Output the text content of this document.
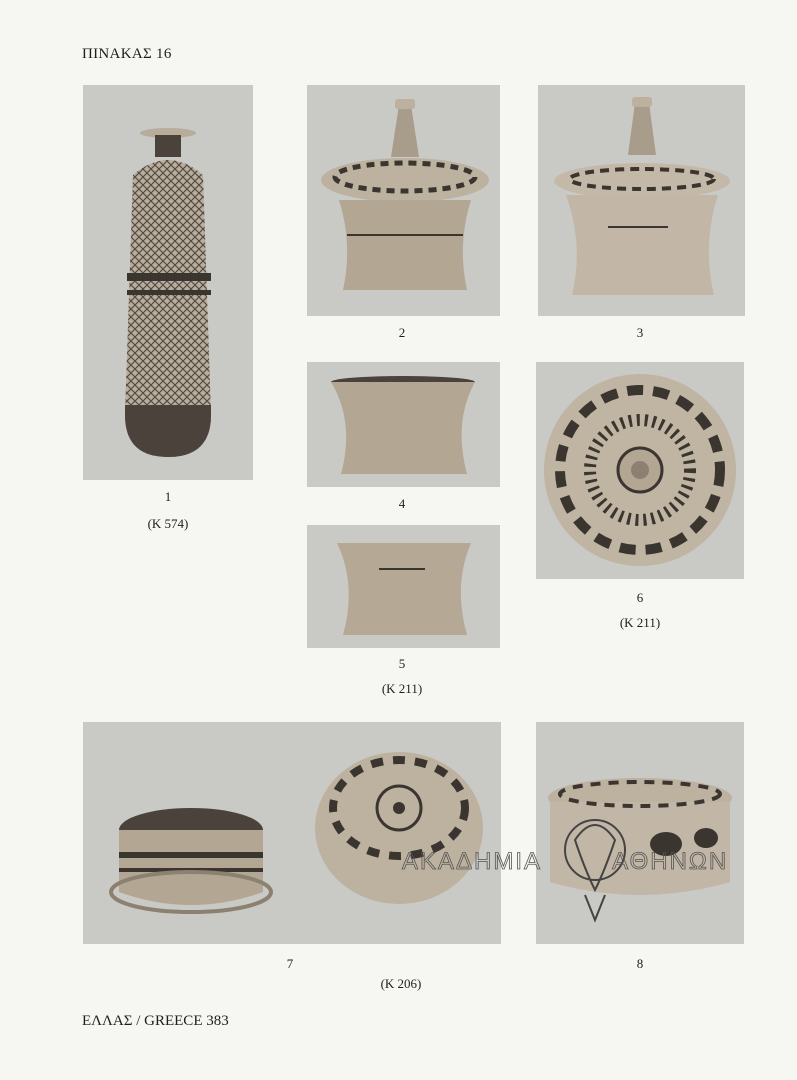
ΠΙΝΑΚΑΣ 16
1
(K 574)
2	3
4
5
(K 211)
6
(K 211)
7
(K 206)
8
ΑΚΑΔΗΜΙΑ	ΑΘΗΝΩΝ
ΕΛΛΑΣ / GREECE 383
